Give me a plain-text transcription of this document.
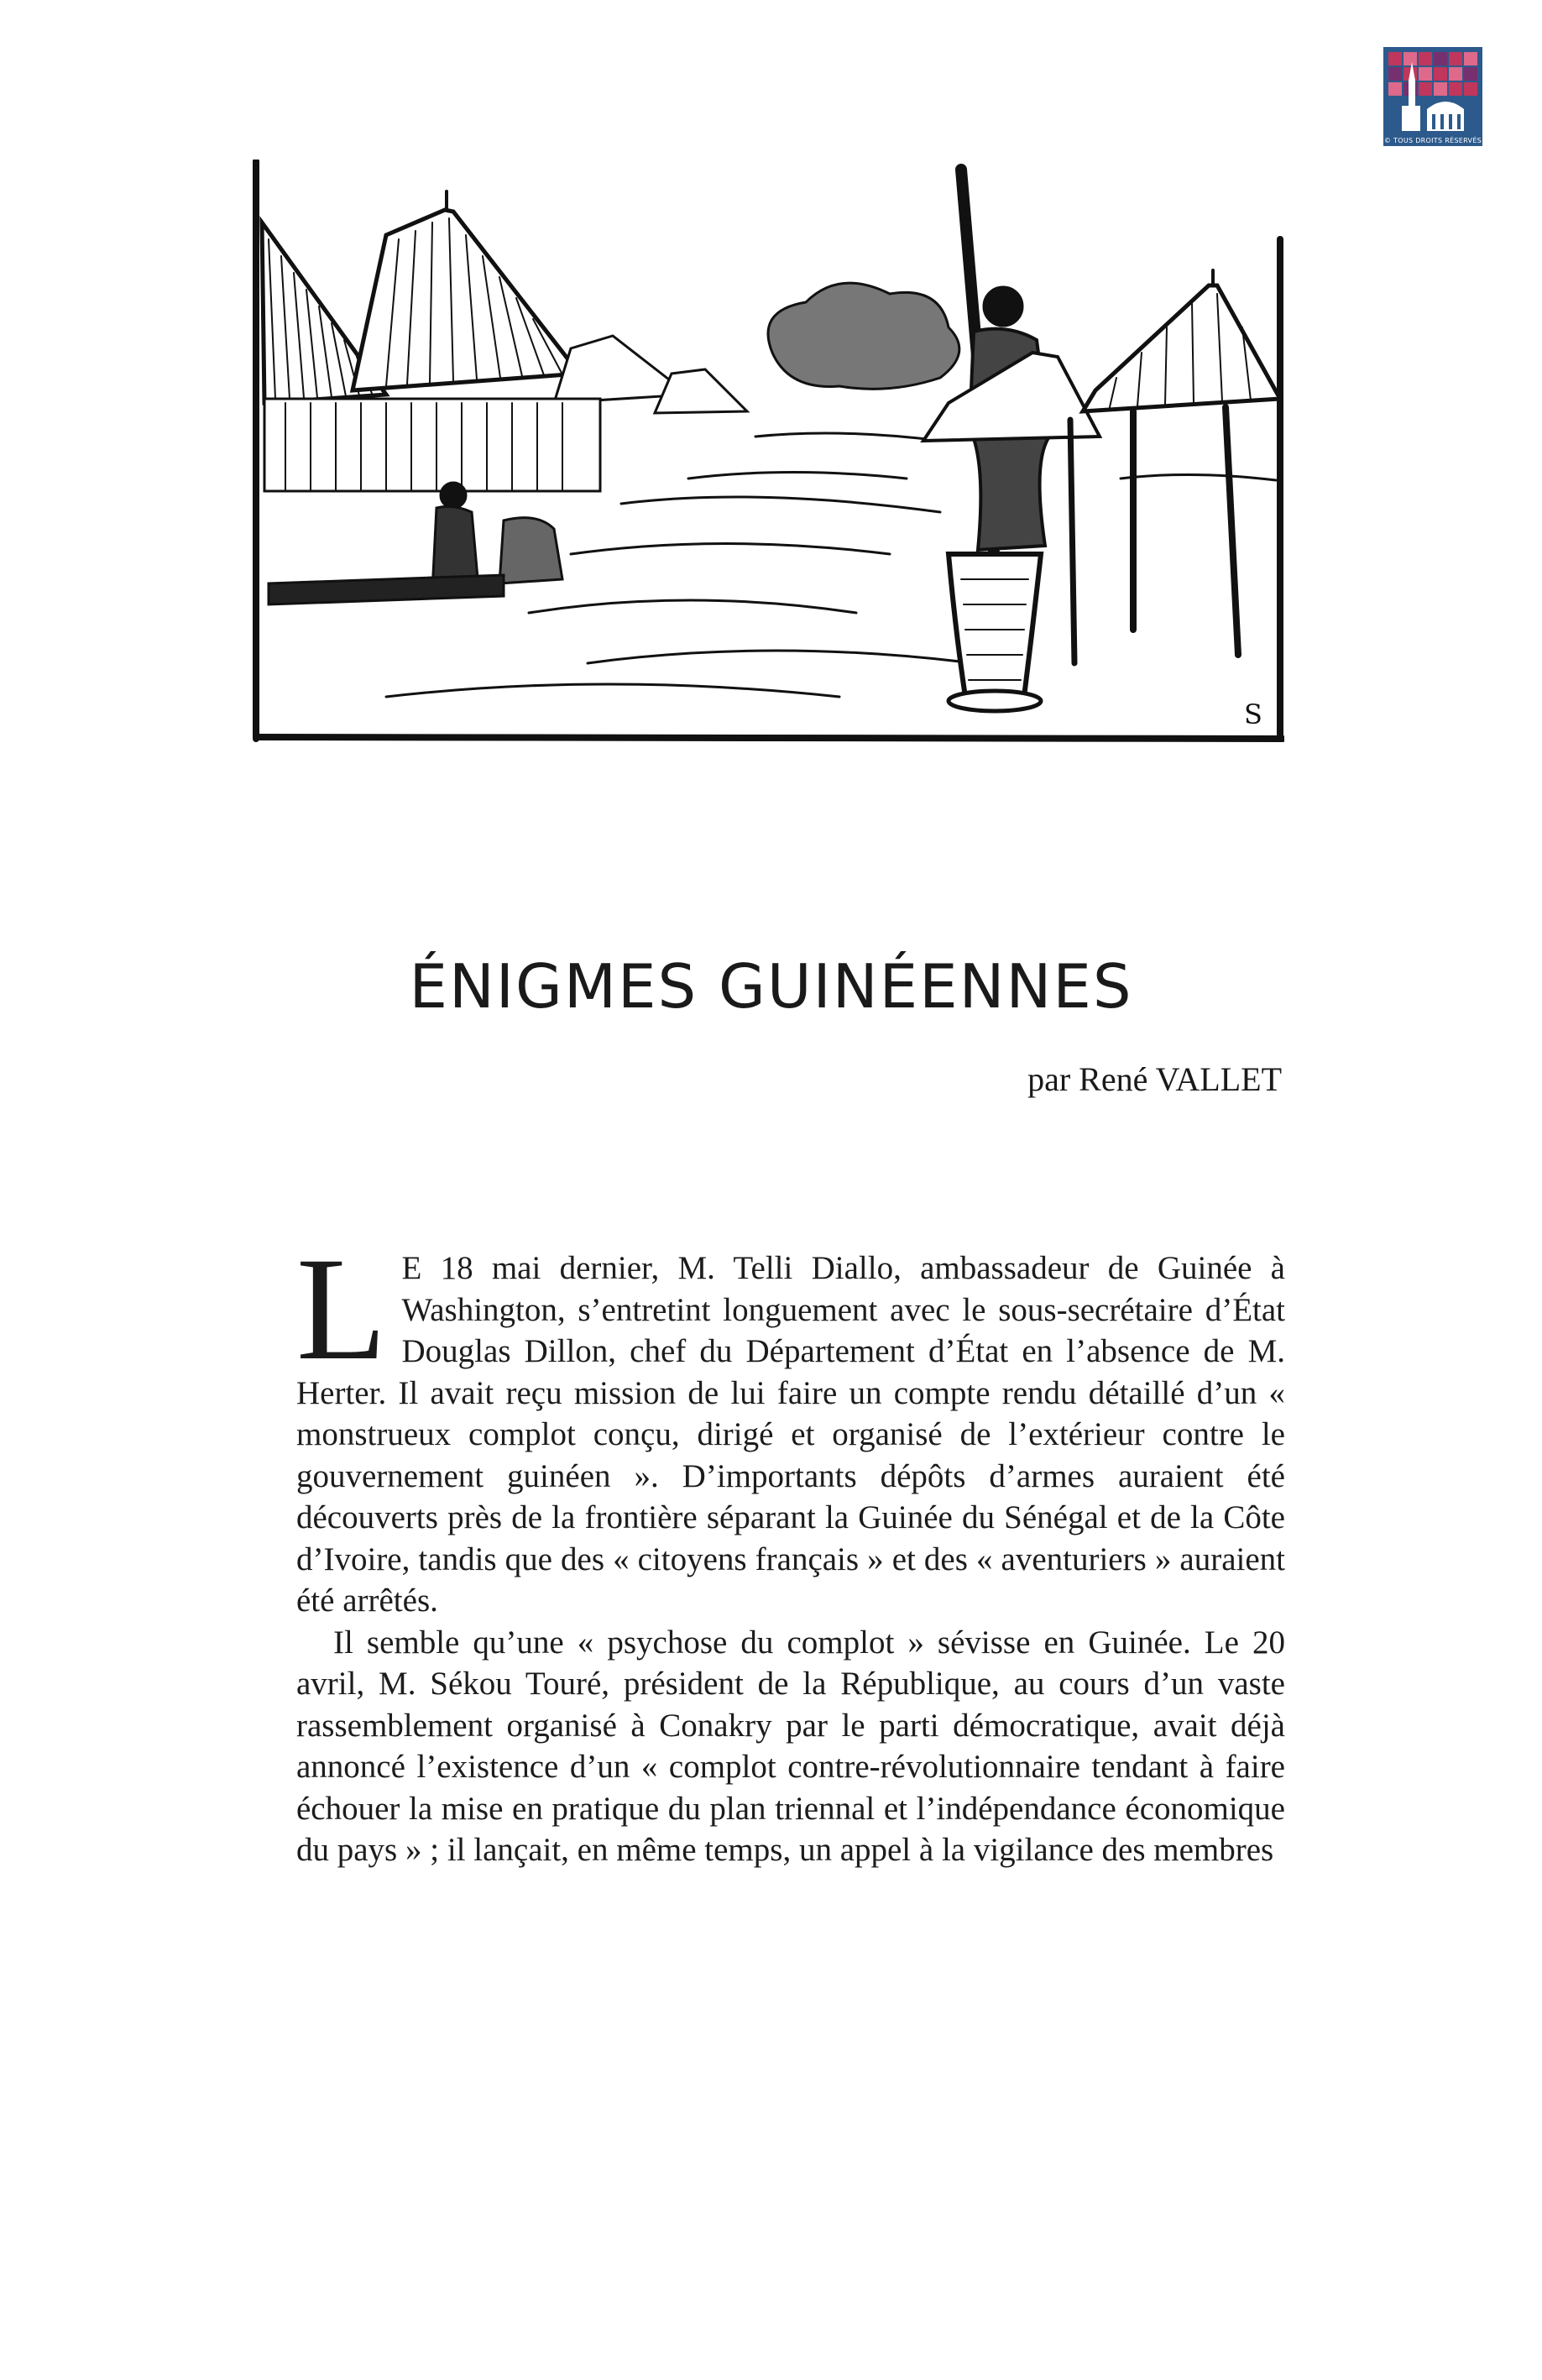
© TOUS DROITS RÉSERVÉS
S
ÉNIGMES GUINÉENNES
par René VALLET

L E 18 mai dernier, M. Telli Diallo, ambassadeur de Guinée à Washington, s’entretint longuement avec le sous-secrétaire d’État Douglas Dillon, chef du Département d’État en l’absence de M. Herter. Il avait reçu mission de lui faire un compte rendu détaillé d’un « monstrueux complot conçu, dirigé et organisé de l’extérieur contre le gouvernement guinéen ». D’importants dépôts d’armes auraient été découverts près de la frontière séparant la Guinée du Sénégal et de la Côte d’Ivoire, tandis que des « citoyens français » et des « aventuriers » auraient été arrêtés.

Il semble qu’une « psychose du complot » sévisse en Guinée. Le 20 avril, M. Sékou Touré, président de la République, au cours d’un vaste rassemblement organisé à Conakry par le parti démocratique, avait déjà annoncé l’existence d’un « complot contre-révolutionnaire tendant à faire échouer la mise en pratique du plan triennal et l’indépendance économique du pays » ; il lançait, en même temps, un appel à la vigilance des membres
